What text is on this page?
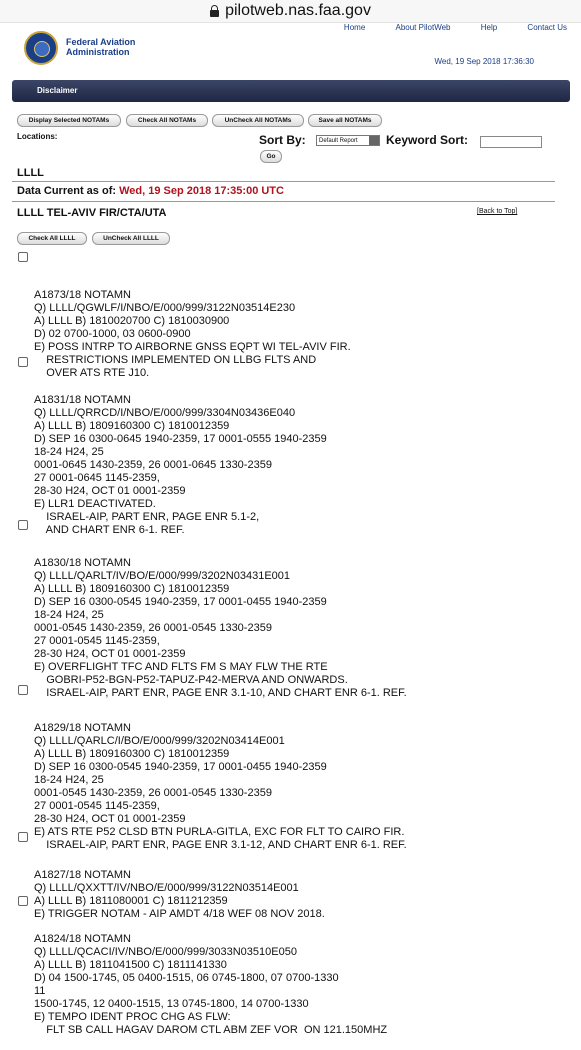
pilotweb.nas.faa.gov
Federal Aviation
Administration
Home	About PilotWeb	Help	Contact Us
Wed, 19 Sep 2018 17:36:30
Disclaimer
Display Selected NOTAMs	Check All NOTAMs	UnCheck All NOTAMs	Save all NOTAMs
Locations:	Sort By:	Default Report	Keyword Sort:
Go
LLLL
Data Current as of: Wed, 19 Sep 2018 17:35:00 UTC
LLLL TEL-AVIV FIR/CTA/UTA	[Back to Top]
Check All LLLL	UnCheck All LLLL

A1873/18 NOTAMN
Q) LLLL/QGWLF/I/NBO/E/000/999/3122N03514E230
A) LLLL B) 1810020700 C) 1810030900
D) 02 0700-1000, 03 0600-0900
E) POSS INTRP TO AIRBORNE GNSS EQPT WI TEL-AVIV FIR.
RESTRICTIONS IMPLEMENTED ON LLBG FLTS AND
OVER ATS RTE J10.

A1831/18 NOTAMN
Q) LLLL/QRRCD/I/NBO/E/000/999/3304N03436E040
A) LLLL B) 1809160300 C) 1810012359
D) SEP 16 0300-0645 1940-2359, 17 0001-0555 1940-2359
18-24 H24, 25
0001-0645 1430-2359, 26 0001-0645 1330-2359
27 0001-0645 1145-2359,
28-30 H24, OCT 01 0001-2359
E) LLR1 DEACTIVATED.
ISRAEL-AIP, PART ENR, PAGE ENR 5.1-2,
AND CHART ENR 6-1. REF.

A1830/18 NOTAMN
Q) LLLL/QARLT/IV/BO/E/000/999/3202N03431E001
A) LLLL B) 1809160300 C) 1810012359
D) SEP 16 0300-0545 1940-2359, 17 0001-0455 1940-2359
18-24 H24, 25
0001-0545 1430-2359, 26 0001-0545 1330-2359
27 0001-0545 1145-2359,
28-30 H24, OCT 01 0001-2359
E) OVERFLIGHT TFC AND FLTS FM S MAY FLW THE RTE
GOBRI-P52-BGN-P52-TAPUZ-P42-MERVA AND ONWARDS.
ISRAEL-AIP, PART ENR, PAGE ENR 3.1-10, AND CHART ENR 6-1. REF.

A1829/18 NOTAMN
Q) LLLL/QARLC/I/BO/E/000/999/3202N03414E001
A) LLLL B) 1809160300 C) 1810012359
D) SEP 16 0300-0545 1940-2359, 17 0001-0455 1940-2359
18-24 H24, 25
0001-0545 1430-2359, 26 0001-0545 1330-2359
27 0001-0545 1145-2359,
28-30 H24, OCT 01 0001-2359
E) ATS RTE P52 CLSD BTN PURLA-GITLA, EXC FOR FLT TO CAIRO FIR.
ISRAEL-AIP, PART ENR, PAGE ENR 3.1-12, AND CHART ENR 6-1. REF.

A1827/18 NOTAMN
Q) LLLL/QXXTT/IV/NBO/E/000/999/3122N03514E001
A) LLLL B) 1811080001 C) 1811212359
E) TRIGGER NOTAM - AIP AMDT 4/18 WEF 08 NOV 2018.

A1824/18 NOTAMN
Q) LLLL/QCACI/IV/NBO/E/000/999/3033N03510E050
A) LLLL B) 1811041500 C) 1811141330
D) 04 1500-1745, 05 0400-1515, 06 0745-1800, 07 0700-1330
11
1500-1745, 12 0400-1515, 13 0745-1800, 14 0700-1330
E) TEMPO IDENT PROC CHG AS FLW:
FLT SB CALL HAGAV DAROM CTL ABM ZEF VOR  ON 121.150MHZ
